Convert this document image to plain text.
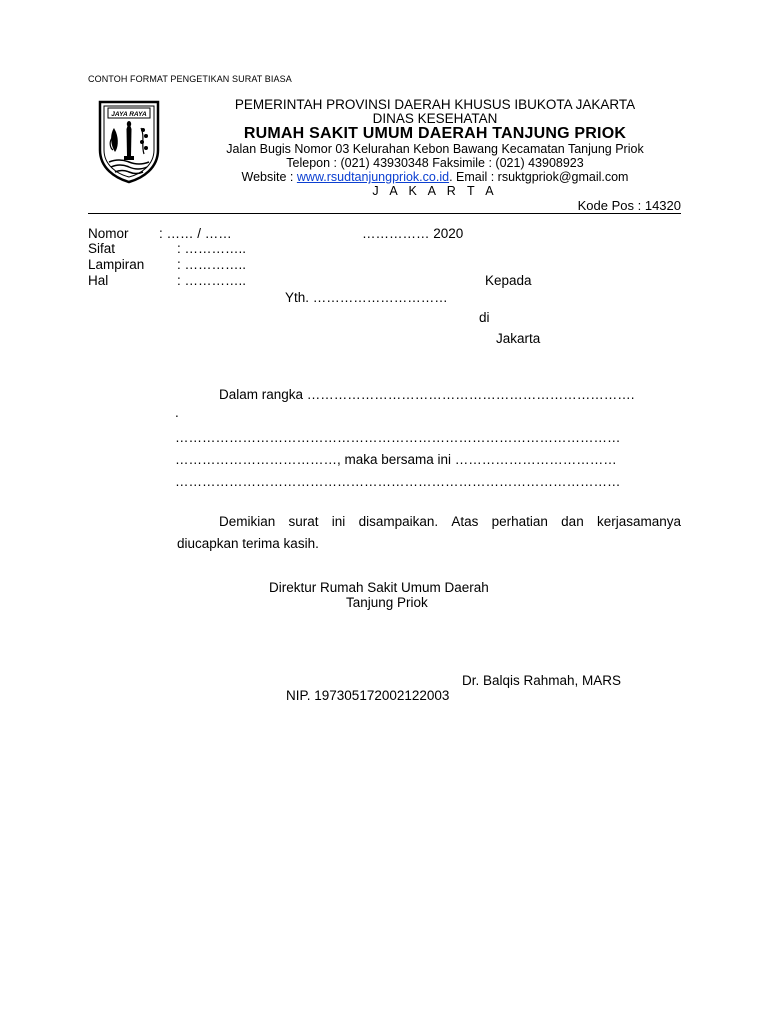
CONTOH FORMAT PENGETIKAN SURAT BIASA
JAYA RAYA
PEMERINTAH PROVINSI DAERAH KHUSUS IBUKOTA JAKARTA
DINAS KESEHATAN
RUMAH SAKIT UMUM DAERAH TANJUNG PRIOK
Jalan Bugis Nomor 03 Kelurahan Kebon Bawang Kecamatan Tanjung Priok
Telepon : (021) 43930348 Faksimile : (021) 43908923
Website : www.rsudtanjungpriok.co.id. Email : rsuktgpriok@gmail.com
J A K A R T A
Kode Pos : 14320
Nomor : …… / ……	…………… 2020
Sifat	: …………..
Lampiran : …………..
Hal	: …………..	Kepada
Yth. …………………………
di
Jakarta
Dalam rangka ……………………………………………………………….
.
………………………………………………………………………………………
………………………………, maka bersama ini ………………………………
………………………………………………………………………………………
Demikian surat ini disampaikan. Atas perhatian dan kerjasamanya
diucapkan terima kasih.
Direktur Rumah Sakit Umum Daerah
Tanjung Priok
Dr. Balqis Rahmah, MARS
NIP. 197305172002122003
